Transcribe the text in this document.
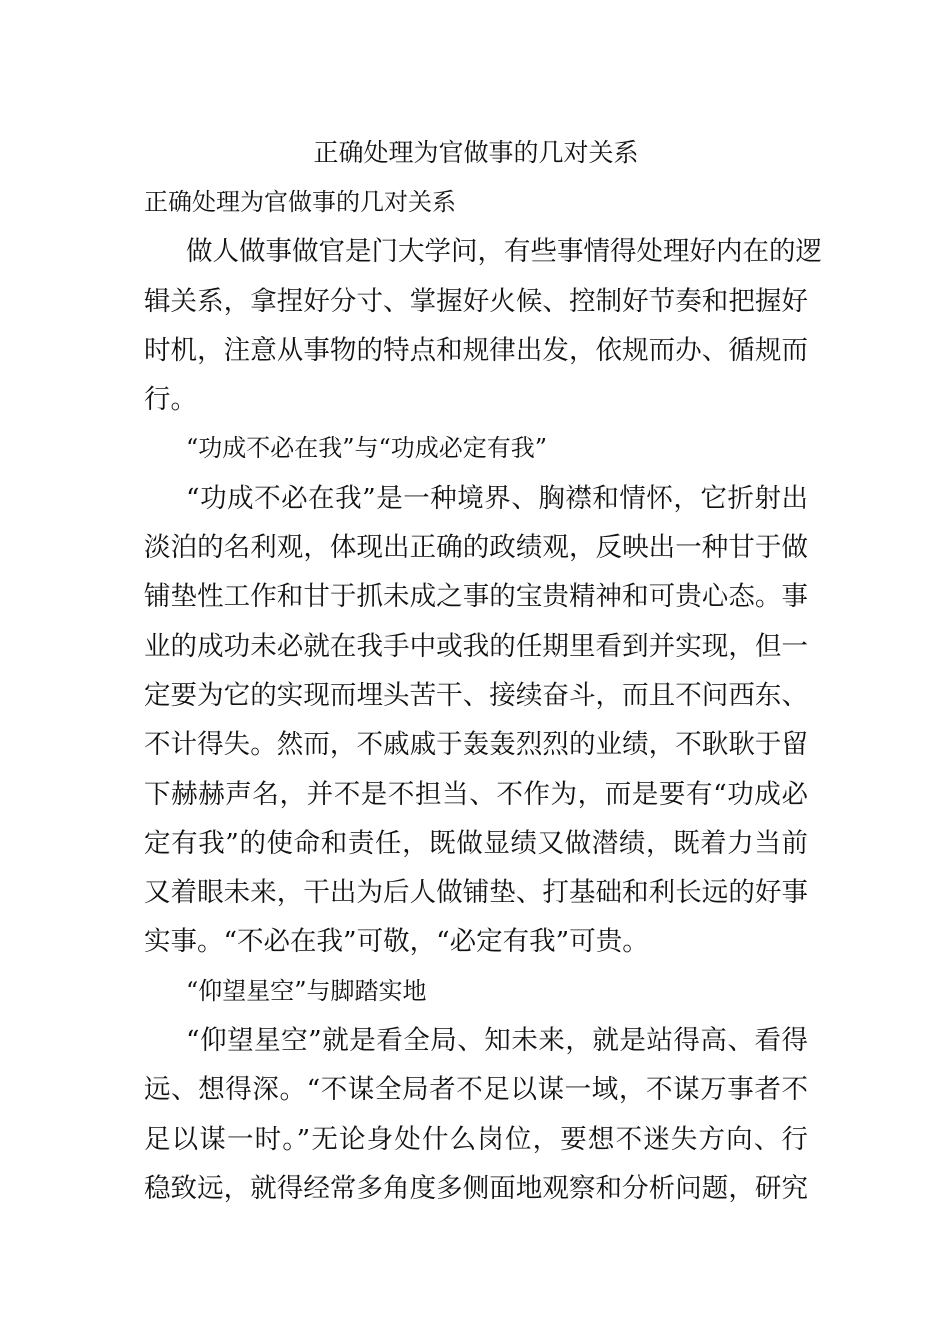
正确处理为官做事的几对关系
正确处理为官做事的几对关系
做人做事做官是门大学问，有些事情得处理好内在的逻
辑关系，拿捏好分寸、掌握好火候、控制好节奏和把握好
时机，注意从事物的特点和规律出发，依规而办、循规而
行。
“功成不必在我”与“功成必定有我”
“功成不必在我”是一种境界、胸襟和情怀，它折射出
淡泊的名利观，体现出正确的政绩观，反映出一种甘于做
铺垫性工作和甘于抓未成之事的宝贵精神和可贵心态。事
业的成功未必就在我手中或我的任期里看到并实现，但一
定要为它的实现而埋头苦干、接续奋斗，而且不问西东、
不计得失。然而，不戚戚于轰轰烈烈的业绩，不耿耿于留
下赫赫声名，并不是不担当、不作为，而是要有“功成必
定有我”的使命和责任，既做显绩又做潜绩，既着力当前
又着眼未来，干出为后人做铺垫、打基础和利长远的好事
实事。“不必在我”可敬，“必定有我”可贵。
“仰望星空”与脚踏实地
“仰望星空”就是看全局、知未来，就是站得高、看得
远、想得深。“不谋全局者不足以谋一域，不谋万事者不
足以谋一时。”无论身处什么岗位，要想不迷失方向、行
稳致远，就得经常多角度多侧面地观察和分析问题，研究
